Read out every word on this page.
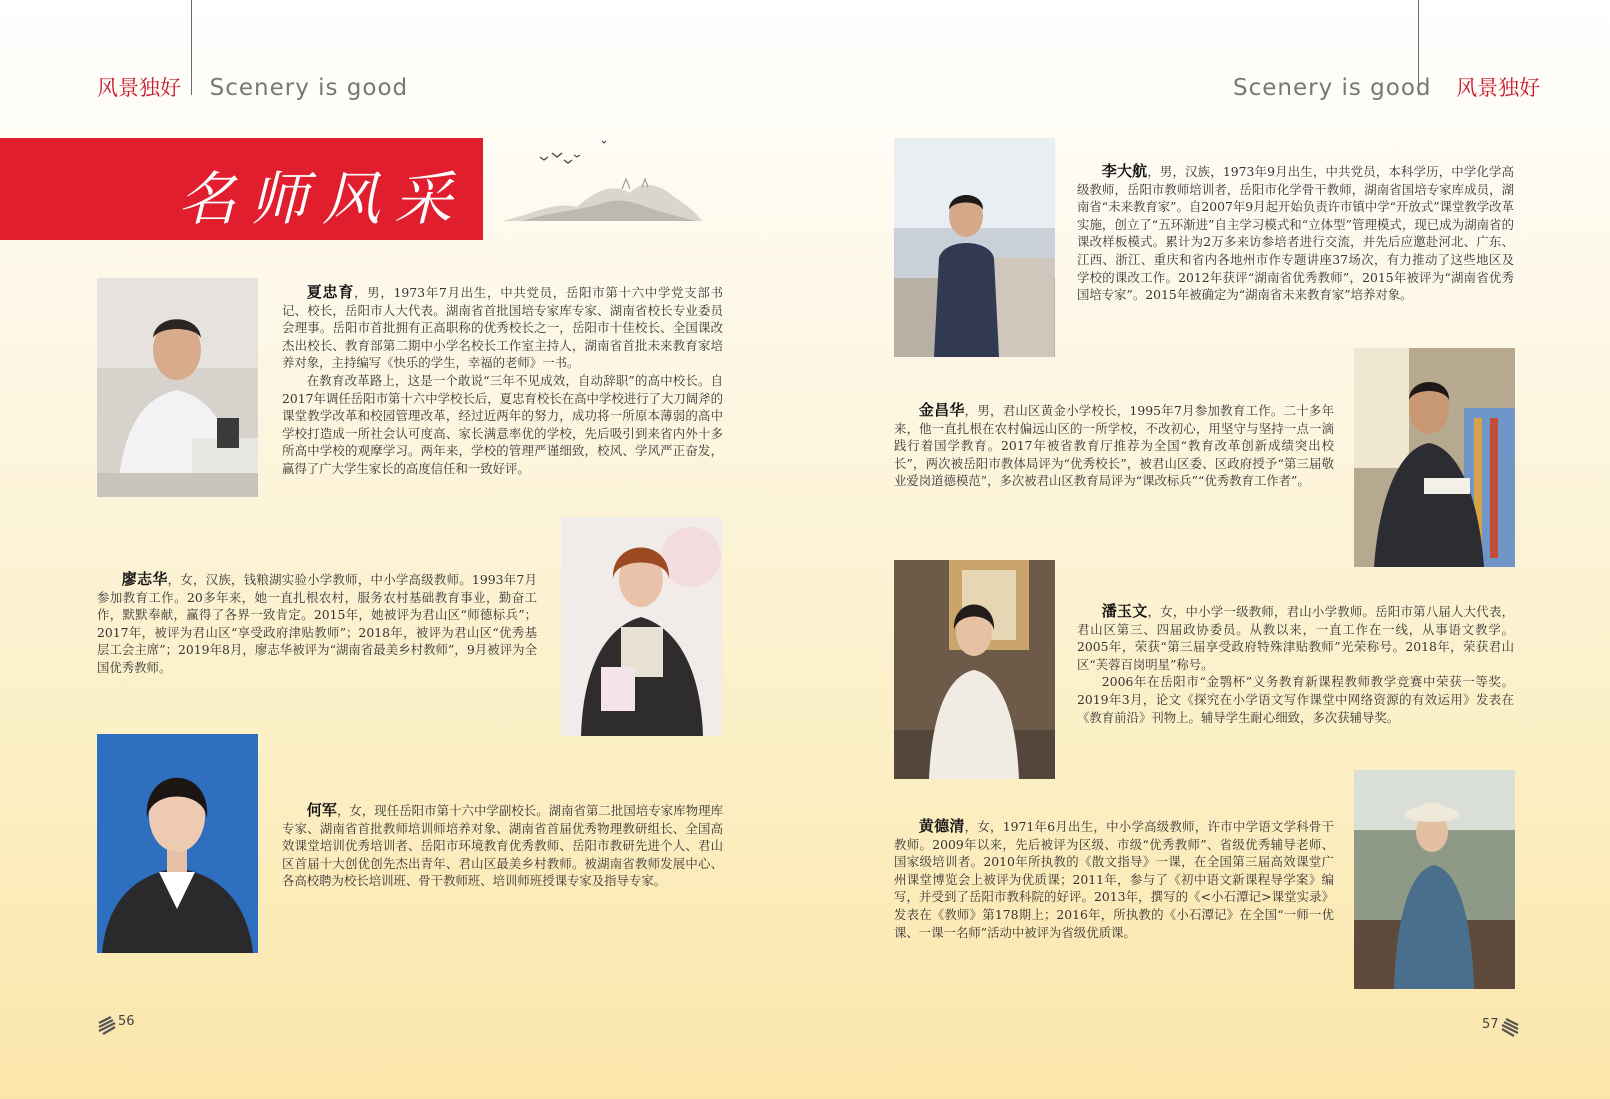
风景独好 Scenery is good	Scenery is good 风景独好
名师风采

夏忠育，男，1973年7月出生，中共党员，岳阳市第十六中学党支部书记、校长，岳阳市人大代表。湖南省首批国培专家库专家、湖南省校长专业委员会理事。岳阳市首批拥有正高职称的优秀校长之一，岳阳市十佳校长、全国课改杰出校长、教育部第二期中小学名校长工作室主持人，湖南省首批未来教育家培养对象，主持编写《快乐的学生，幸福的老师》一书。

在教育改革路上，这是一个敢说“三年不见成效，自动辞职”的高中校长。自2017年调任岳阳市第十六中学校长后，夏忠育校长在高中学校进行了大刀阔斧的课堂教学改革和校园管理改革，经过近两年的努力，成功将一所原本薄弱的高中学校打造成一所社会认可度高、家长满意率优的学校，先后吸引到来省内外十多所高中学校的观摩学习。两年来，学校的管理严谨细致，校风、学风严正奋发，赢得了广大学生家长的高度信任和一致好评。

廖志华，女，汉族，钱粮湖实验小学教师，中小学高级教师。1993年7月参加教育工作。20多年来，她一直扎根农村，服务农村基础教育事业，勤奋工作，默默奉献，赢得了各界一致肯定。2015年，她被评为君山区“师德标兵”；2017年，被评为君山区“享受政府津贴教师”；2018年，被评为君山区“优秀基层工会主席”；2019年8月，廖志华被评为“湖南省最美乡村教师”，9月被评为全国优秀教师。

何军，女，现任岳阳市第十六中学副校长。湖南省第二批国培专家库物理库专家、湖南省首批教师培训师培养对象、湖南省首届优秀物理教研组长、全国高效课堂培训优秀培训者、岳阳市环境教育优秀教师、岳阳市教研先进个人、君山区首届十大创优创先杰出青年、君山区最美乡村教师。被湖南省教师发展中心、各高校聘为校长培训班、骨干教师班、培训师班授课专家及指导专家。

56

李大航，男，汉族，1973年9月出生，中共党员，本科学历，中学化学高级教师，岳阳市教师培训者，岳阳市化学骨干教师，湖南省国培专家库成员，湖南省“未来教育家”。自2007年9月起开始负责许市镇中学“开放式”课堂教学改革实施，创立了“五环渐进”自主学习模式和“立体型”管理模式，现已成为湖南省的课改样板模式。累计为2万多来访参培者进行交流，并先后应邀赴河北、广东、江西、浙江、重庆和省内各地州市作专题讲座37场次，有力推动了这些地区及学校的课改工作。2012年获评“湖南省优秀教师”，2015年被评为“湖南省优秀国培专家”。2015年被确定为“湖南省未来教育家”培养对象。

金昌华，男，君山区黄金小学校长，1995年7月参加教育工作。二十多年来，他一直扎根在农村偏远山区的一所学校，不改初心，用坚守与坚持一点一滴践行着国学教育。2017年被省教育厅推荐为全国“教育改革创新成绩突出校长”，两次被岳阳市教体局评为“优秀校长”，被君山区委、区政府授予“第三届敬业爱岗道德模范”，多次被君山区教育局评为“课改标兵”“优秀教育工作者”。

潘玉文，女，中小学一级教师，君山小学教师。岳阳市第八届人大代表，君山区第三、四届政协委员。从教以来，一直工作在一线，从事语文教学。2005年，荣获“第三届享受政府特殊津贴教师”光荣称号。2018年，荣获君山区“芙蓉百岗明星”称号。

2006年在岳阳市“金鹗杯”义务教育新课程教师教学竞赛中荣获一等奖。2019年3月，论文《探究在小学语文写作课堂中网络资源的有效运用》发表在《教育前沿》刊物上。辅导学生耐心细致，多次获辅导奖。

黄德清，女，1971年6月出生，中小学高级教师，许市中学语文学科骨干教师。2009年以来，先后被评为区级、市级“优秀教师”、省级优秀辅导老师、国家级培训者。2010年所执教的《散文指导》一课，在全国第三届高效课堂广州课堂博览会上被评为优质课；2011年，参与了《初中语文新课程导学案》编写，并受到了岳阳市教科院的好评。2013年，撰写的《<小石潭记>课堂实录》发表在《教师》第178期上；2016年，所执教的《小石潭记》在全国“一师一优课、一课一名师”活动中被评为省级优质课。

57
